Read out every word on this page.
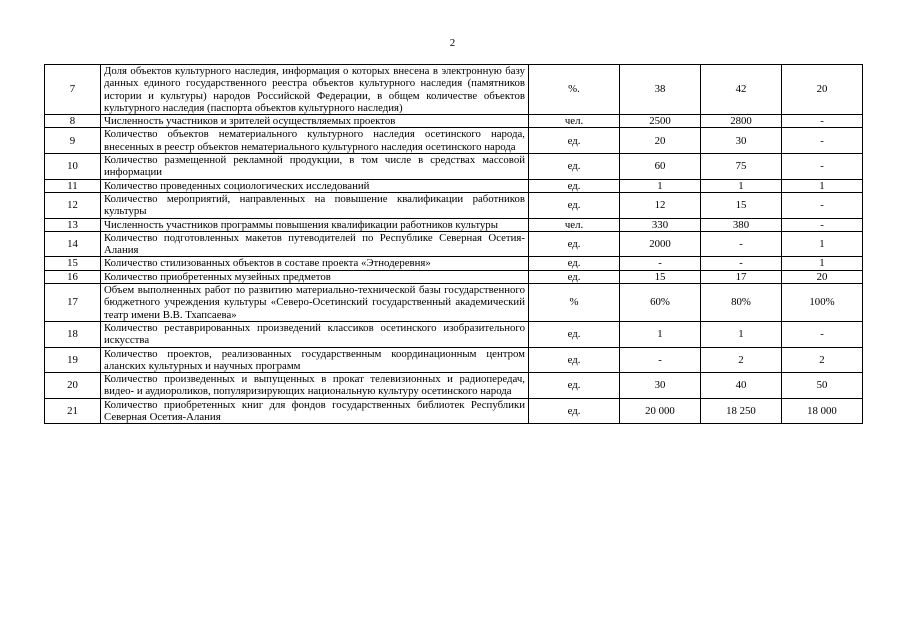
2
7	Доля объектов культурного наследия, информация о которых внесена в электронную базу данных единого государственного реестра объектов культурного наследия (памятников истории и культуры) народов Российской Федерации, в общем количестве объектов культурного наследия (паспорта объектов культурного наследия)	%.	38	42	20
8	Численность участников и зрителей осуществляемых проектов	чел.	2500	2800	-
9	Количество объектов нематериального культурного наследия осетинского народа, внесенных в реестр объектов нематериального культурного наследия осетинского народа	ед.	20	30	-
10	Количество размещенной рекламной продукции, в том числе в средствах массовой информации	ед.	60	75	-
11	Количество проведенных социологических исследований	ед.	1	1	1
12	Количество мероприятий, направленных на повышение квалификации работников культуры	ед.	12	15	-
13	Численность участников программы повышения квалификации работников культуры	чел.	330	380	-
14	Количество подготовленных макетов путеводителей по Республике Северная Осетия-Алания	ед.	2000	-	1
15	Количество стилизованных объектов в составе проекта «Этнодеревня»	ед.	-	-	1
16	Количество приобретенных музейных предметов	ед.	15	17	20
17	Объем выполненных работ по развитию материально-технической базы государственного бюджетного учреждения культуры «Северо-Осетинский государственный академический театр имени В.В. Тхапсаева»	%	60%	80%	100%
18	Количество реставрированных произведений классиков осетинского изобразительного искусства	ед.	1	1	-
19	Количество проектов, реализованных государственным координационным центром аланских культурных и научных программ	ед.	-	2	2
20	Количество произведенных и выпущенных в прокат телевизионных и радиопередач, видео- и аудиороликов, популяризирующих национальную культуру осетинского народа	ед.	30	40	50
21	Количество приобретенных книг для фондов государственных библиотек Республики Северная Осетия-Алания	ед.	20 000	18 250	18 000
